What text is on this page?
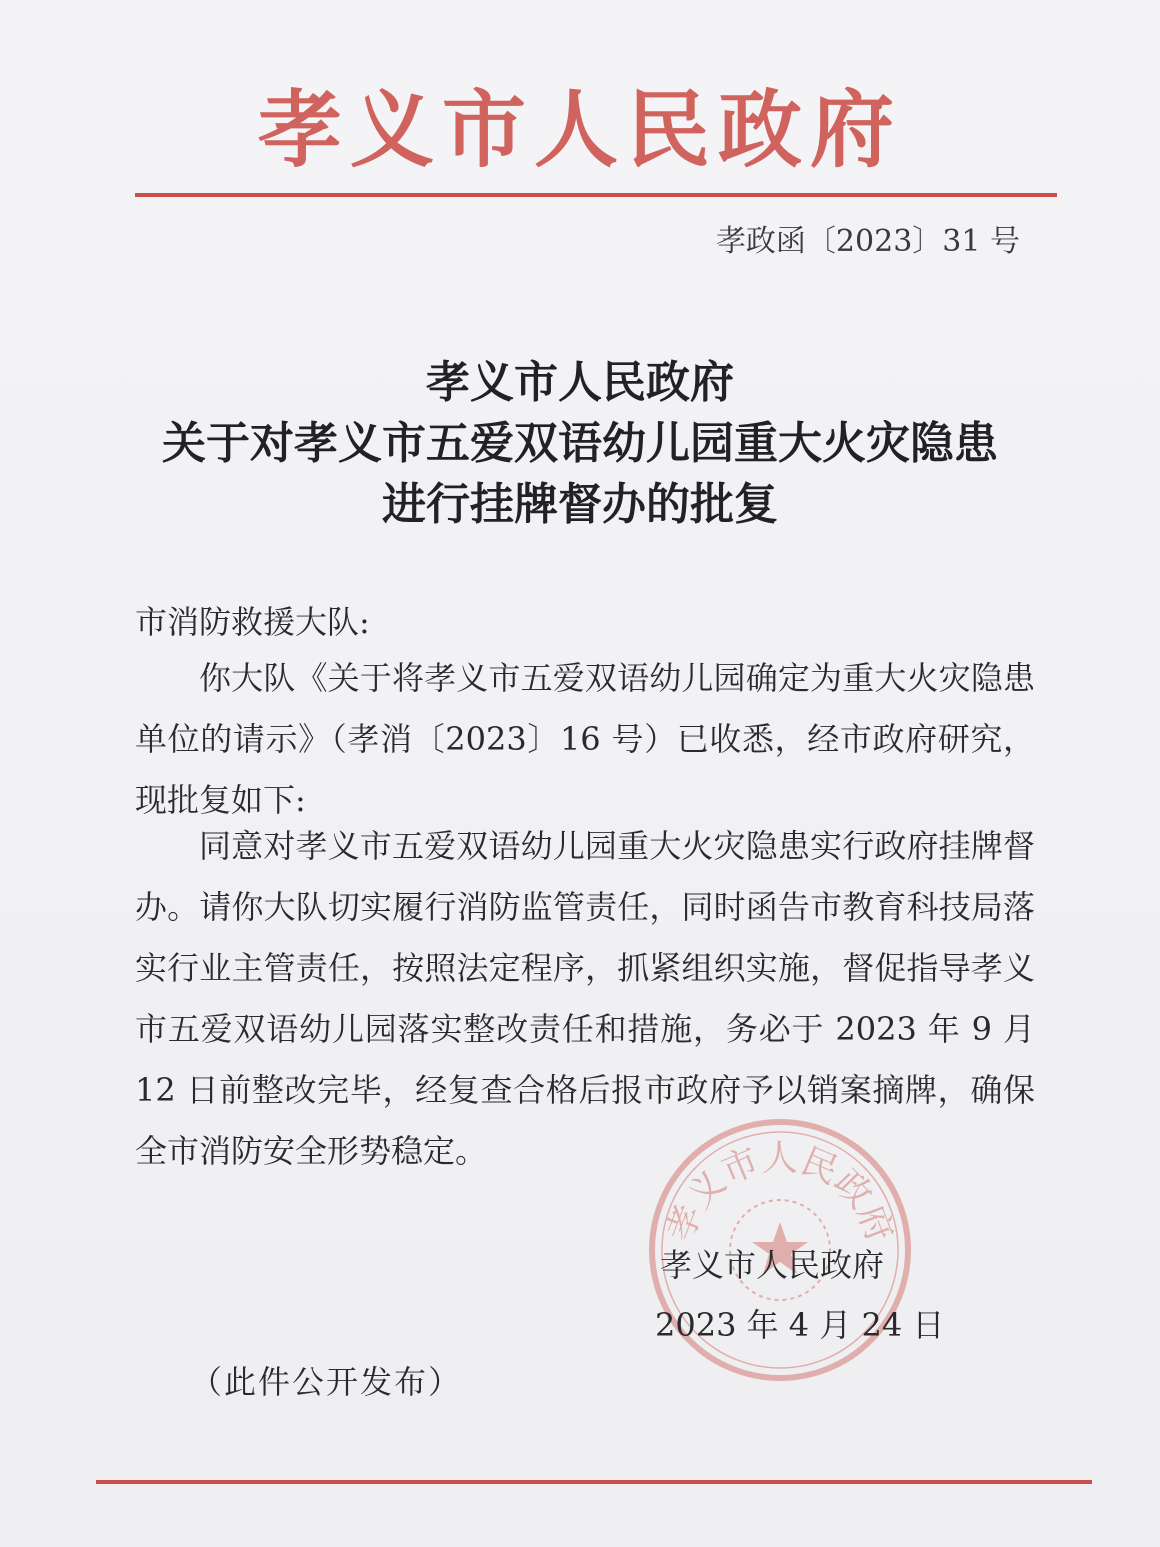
孝义市人民政府
孝政函〔2023〕31 号
孝义市人民政府
关于对孝义市五爱双语幼儿园重大火灾隐患
进行挂牌督办的批复
市消防救援大队:

你大队《关于将孝义市五爱双语幼儿园确定为重大火灾隐患单位的请示》（孝消〔2023〕16 号）已收悉，经市政府研究，现批复如下:

同意对孝义市五爱双语幼儿园重大火灾隐患实行政府挂牌督办。请你大队切实履行消防监管责任，同时函告市教育科技局落实行业主管责任，按照法定程序，抓紧组织实施，督促指导孝义市五爱双语幼儿园落实整改责任和措施，务必于 2023 年 9 月 12 日前整改完毕，经复查合格后报市政府予以销案摘牌，确保全市消防安全形势稳定。

孝义市人民政府
孝义市人民政府
2023 年 4 月 24 日
（此件公开发布）
